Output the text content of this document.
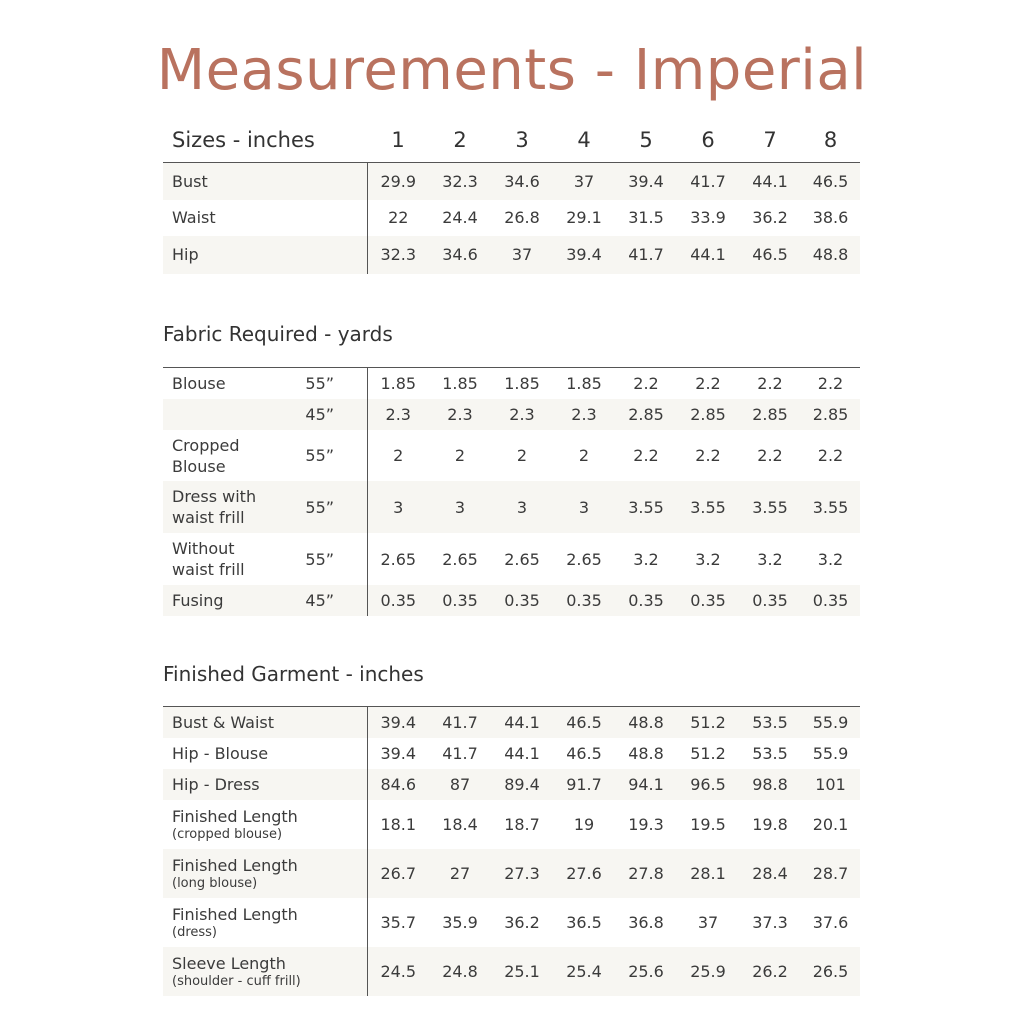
Measurements - Imperial
Sizes - inches	1	2	3	4	5	6	7	8
Bust	29.9	32.3	34.6	37	39.4	41.7	44.1	46.5
Waist	22	24.4	26.8	29.1	31.5	33.9	36.2	38.6
Hip	32.3	34.6	37	39.4	41.7	44.1	46.5	48.8
Fabric Required - yards
Blouse	55”	1.85	1.85	1.85	1.85	2.2	2.2	2.2	2.2
	45”	2.3	2.3	2.3	2.3	2.85	2.85	2.85	2.85
Cropped Blouse	55”	2	2	2	2	2.2	2.2	2.2	2.2
Dress with waist frill	55”	3	3	3	3	3.55	3.55	3.55	3.55
Without waist frill	55”	2.65	2.65	2.65	2.65	3.2	3.2	3.2	3.2
Fusing	45”	0.35	0.35	0.35	0.35	0.35	0.35	0.35	0.35
Finished Garment - inches
Bust & Waist	39.4	41.7	44.1	46.5	48.8	51.2	53.5	55.9

Hip - Blouse	39.4	41.7	44.1	46.5	48.8	51.2	53.5	55.9

Hip - Dress	84.6	87	89.4	91.7	94.1	96.5	98.8	101

Finished Length
(cropped blouse)	18.1	18.4	18.7	19	19.3	19.5	19.8	20.1

Finished Length
(long blouse)	26.7	27	27.3	27.6	27.8	28.1	28.4	28.7

Finished Length
(dress)	35.7	35.9	36.2	36.5	36.8	37	37.3	37.6

Sleeve Length
(shoulder - cuff frill)	24.5	24.8	25.1	25.4	25.6	25.9	26.2	26.5
